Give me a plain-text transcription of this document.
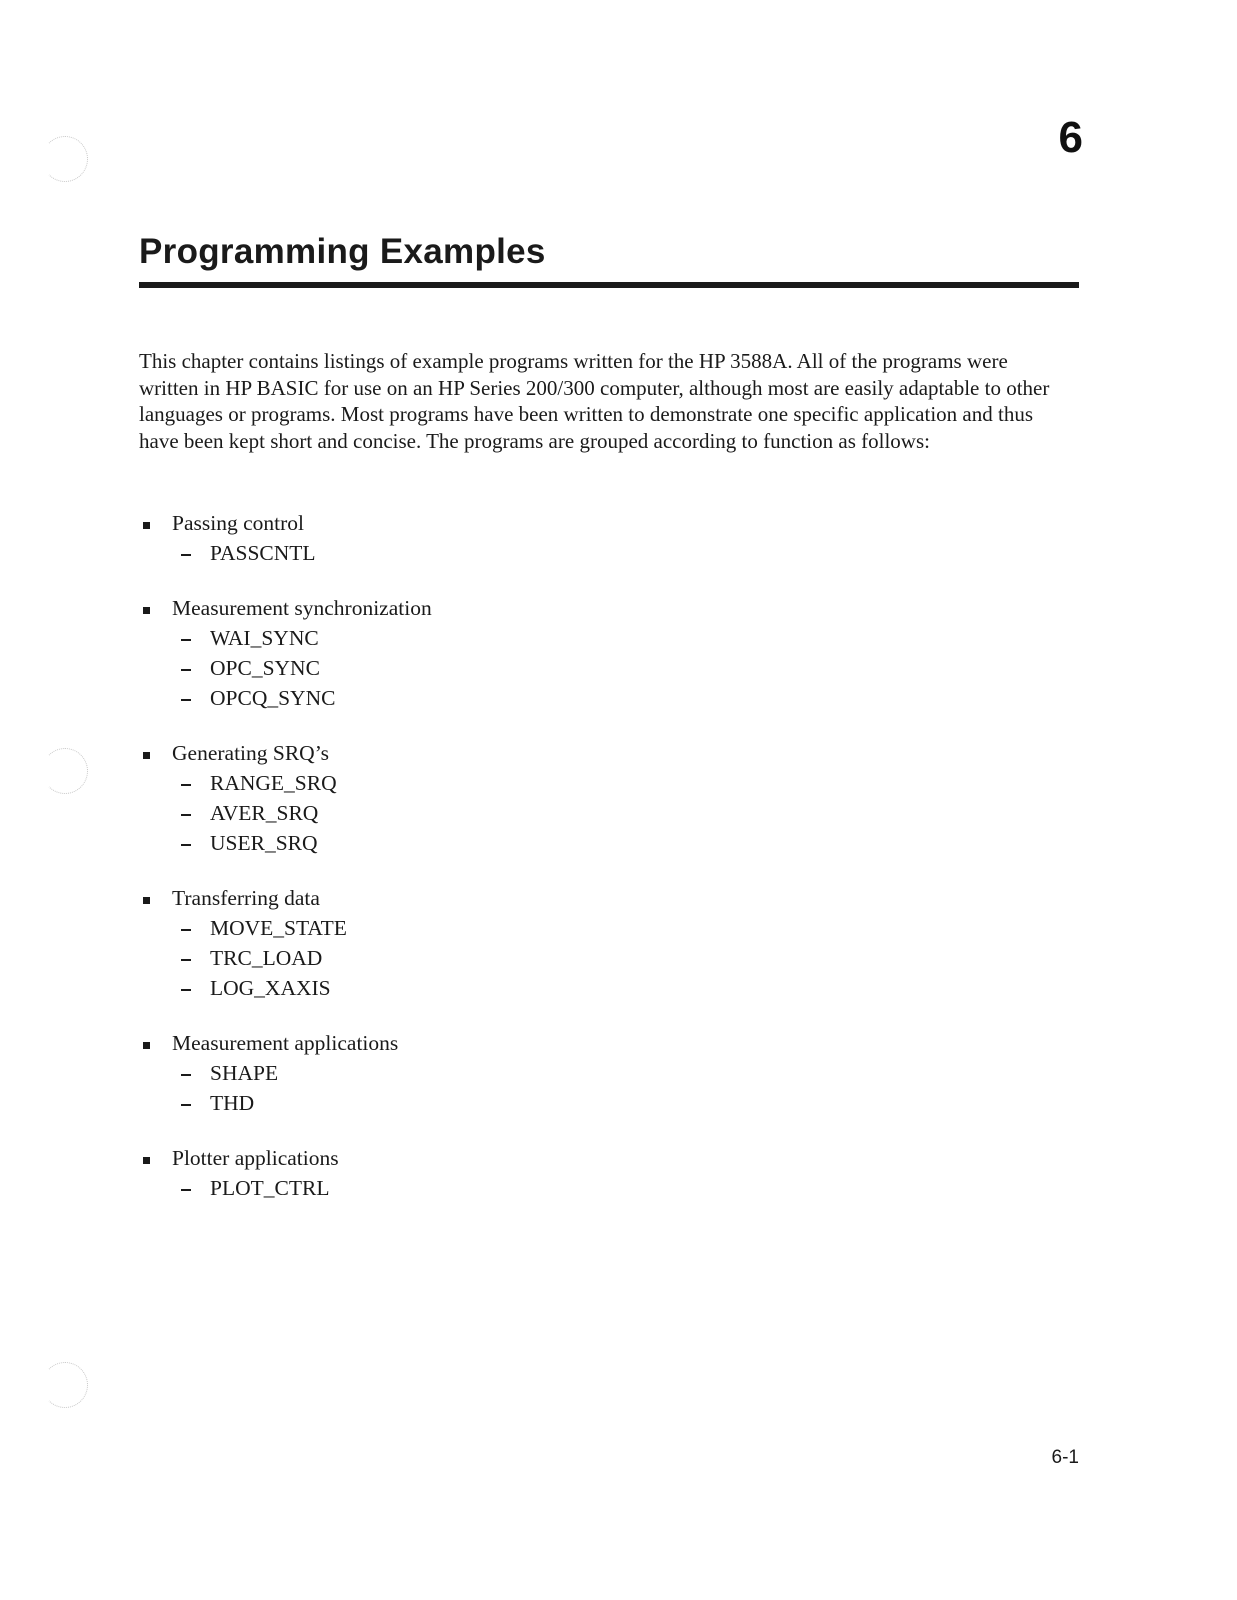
6
Programming Examples

This chapter contains listings of example programs written for the HP 3588A. All of the programs were written in HP BASIC for use on an HP Series 200/300 computer, although most are easily adaptable to other languages or programs. Most programs have been written to demonstrate one specific application and thus have been kept short and concise. The programs are grouped according to function as follows:

Passing control
PASSCNTL
Measurement synchronization
WAI_SYNC
OPC_SYNC
OPCQ_SYNC
Generating SRQ’s
RANGE_SRQ
AVER_SRQ
USER_SRQ
Transferring data
MOVE_STATE
TRC_LOAD
LOG_XAXIS
Measurement applications
SHAPE
THD
Plotter applications
PLOT_CTRL
6-1
